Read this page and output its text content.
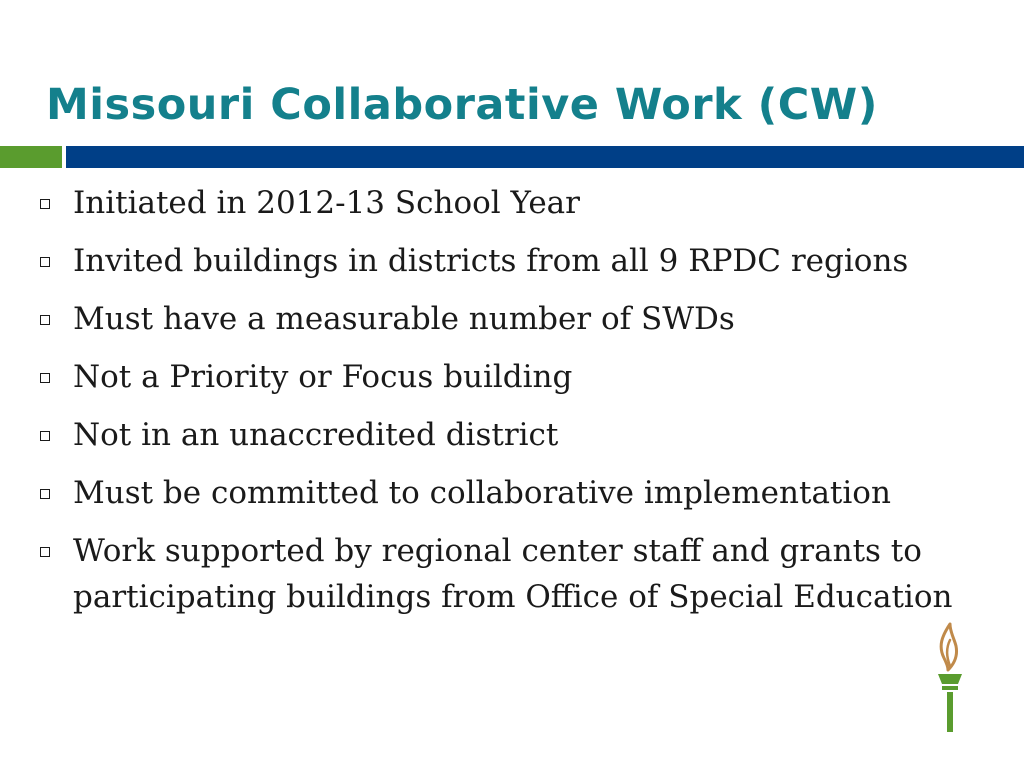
Missouri Collaborative Work (CW)
Initiated in 2012-13 School Year
Invited buildings in districts from all 9 RPDC regions
Must have a measurable number of SWDs
Not a Priority or Focus building
Not in an unaccredited district
Must be committed to collaborative implementation
Work supported by regional center staff and grants to participating buildings from Office of Special Education
